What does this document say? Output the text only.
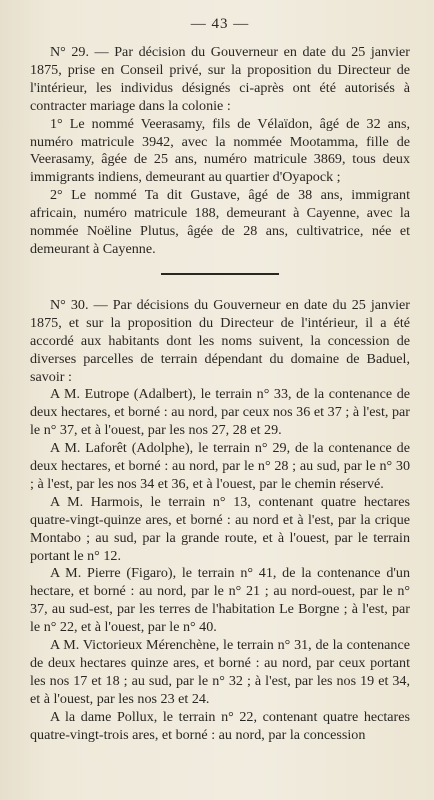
— 43 —

N° 29. — Par décision du Gouverneur en date du 25 janvier 1875, prise en Conseil privé, sur la proposition du Directeur de l'intérieur, les individus désignés ci-après ont été autorisés à contracter mariage dans la colonie :

1° Le nommé Veerasamy, fils de Vélaïdon, âgé de 32 ans, numéro matricule 3942, avec la nommée Mootamma, fille de Veerasamy, âgée de 25 ans, numéro matricule 3869, tous deux immigrants indiens, demeurant au quartier d'Oyapock ;

2° Le nommé Ta dit Gustave, âgé de 38 ans, immigrant africain, numéro matricule 188, demeurant à Cayenne, avec la nommée Noëline Plutus, âgée de 28 ans, cultivatrice, née et demeurant à Cayenne.

N° 30. — Par décisions du Gouverneur en date du 25 janvier 1875, et sur la proposition du Directeur de l'intérieur, il a été accordé aux habitants dont les noms suivent, la concession de diverses parcelles de terrain dépendant du domaine de Baduel, savoir :

A M. Eutrope (Adalbert), le terrain n° 33, de la contenance de deux hectares, et borné : au nord, par ceux nos 36 et 37 ; à l'est, par le n° 37, et à l'ouest, par les nos 27, 28 et 29.

A M. Laforêt (Adolphe), le terrain n° 29, de la contenance de deux hectares, et borné : au nord, par le n° 28 ; au sud, par le n° 30 ; à l'est, par les nos 34 et 36, et à l'ouest, par le chemin réservé.

A M. Harmois, le terrain n° 13, contenant quatre hectares quatre-vingt-quinze ares, et borné : au nord et à l'est, par la crique Montabo ; au sud, par la grande route, et à l'ouest, par le terrain portant le n° 12.

A M. Pierre (Figaro), le terrain n° 41, de la contenance d'un hectare, et borné : au nord, par le n° 21 ; au nord-ouest, par le n° 37, au sud-est, par les terres de l'habitation Le Borgne ; à l'est, par le n° 22, et à l'ouest, par le n° 40.

A M. Victorieux Mérenchène, le terrain n° 31, de la contenance de deux hectares quinze ares, et borné : au nord, par ceux portant les nos 17 et 18 ; au sud, par le n° 32 ; à l'est, par les nos 19 et 34, et à l'ouest, par les nos 23 et 24.

A la dame Pollux, le terrain n° 22, contenant quatre hectares quatre-vingt-trois ares, et borné : au nord, par la concession
